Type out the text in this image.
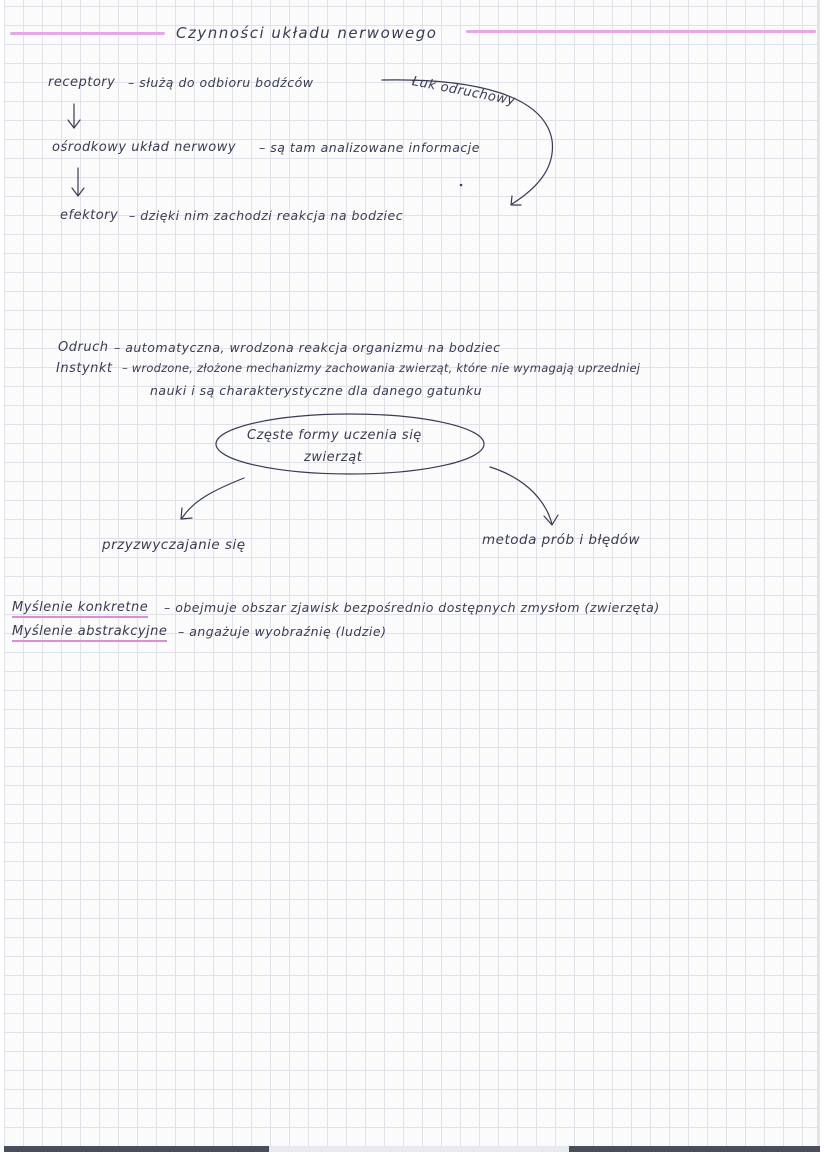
Czynności układu nerwowego
receptory – służą do odbioru bodźców	Łuk odruchowy
ośrodkowy układ nerwowy – są tam analizowane informacje
efektory – dzięki nim zachodzi reakcja na bodziec
Odruch – automatyczna, wrodzona reakcja organizmu na bodziec
Instynkt – wrodzone, złożone mechanizmy zachowania zwierząt, które nie wymagają uprzedniej
nauki i są charakterystyczne dla danego gatunku
Częste formy uczenia się
zwierząt
przyzwyczajanie się	metoda prób i błędów
Myślenie konkretne – obejmuje obszar zjawisk bezpośrednio dostępnych zmysłom (zwierzęta)
Myślenie abstrakcyjne – angażuje wyobraźnię (ludzie)
